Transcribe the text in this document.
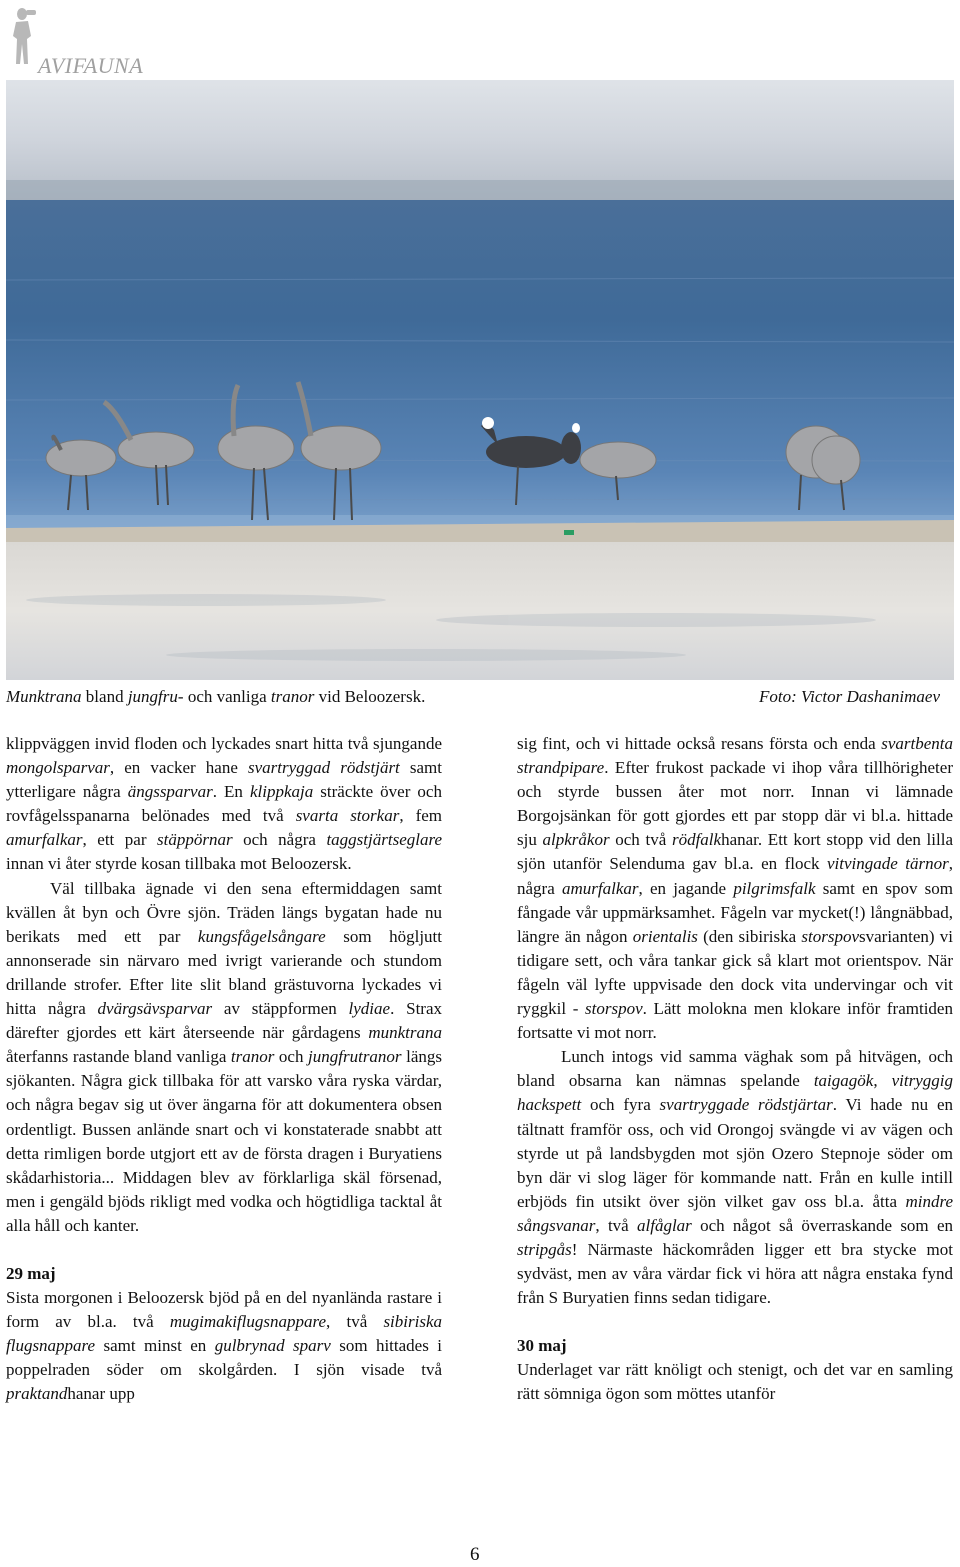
AVIFAUNA
Munktrana bland jungfru- och vanliga tranor vid Beloozersk.	Foto: Victor Dashanimaev

klippväggen invid floden och lyckades snart hitta två sjungande mongolsparvar, en vacker hane svartryggad rödstjärt samt ytterligare några ängssparvar. En klippkaja sträckte över och rovfågelsspanarna belönades med två svarta storkar, fem amurfalkar, ett par stäppörnar och några taggstjärtseglare innan vi åter styrde kosan tillbaka mot Beloozersk.

Väl tillbaka ägnade vi den sena eftermiddagen samt kvällen åt byn och Övre sjön. Träden längs bygatan hade nu berikats med ett par kungsfågelsångare som högljutt annonserade sin närvaro med ivrigt varierande och stundom drillande strofer. Efter lite slit bland grästuvorna lyckades vi hitta några dvärgsävsparvar av stäppformen lydiae. Strax därefter gjordes ett kärt återseende när gårdagens munktrana återfanns rastande bland vanliga tranor och jungfrutranor längs sjökanten. Några gick tillbaka för att varsko våra ryska värdar, och några begav sig ut över ängarna för att dokumentera obsen ordentligt. Bussen anlände snart och vi konstaterade snabbt att detta rimligen borde utgjort ett av de första dragen i Buryatiens skådarhistoria... Middagen blev av förklarliga skäl försenad, men i gengäld bjöds rikligt med vodka och högtidliga tacktal åt alla håll och kanter.

29 maj

Sista morgonen i Beloozersk bjöd på en del nyanlända rastare i form av bl.a. två mugimakiflugsnappare, två sibiriska flugsnappare samt minst en gulbrynad sparv som hittades i poppelraden söder om skolgården. I sjön visade två praktandhanar upp

sig fint, och vi hittade också resans första och enda svartbenta strandpipare. Efter frukost packade vi ihop våra tillhörigheter och styrde bussen åter mot norr. Innan vi lämnade Borgojsänkan för gott gjordes ett par stopp där vi bl.a. hittade sju alpkråkor och två rödfalkhanar. Ett kort stopp vid den lilla sjön utanför Selenduma gav bl.a. en flock vitvingade tärnor, några amurfalkar, en jagande pilgrimsfalk samt en spov som fångade vår uppmärksamhet. Fågeln var mycket(!) långnäbbad, längre än någon orientalis (den sibiriska storspovsvarianten) vi tidigare sett, och våra tankar gick så klart mot orientspov. När fågeln väl lyfte uppvisade den dock vita undervingar och vit ryggkil - storspov. Lätt molokna men klokare inför framtiden fortsatte vi mot norr.

Lunch intogs vid samma väghak som på hitvägen, och bland obsarna kan nämnas spelande taigagök, vitryggig hackspett och fyra svartryggade rödstjärtar. Vi hade nu en tältnatt framför oss, och vid Orongoj svängde vi av vägen och styrde ut på landsbygden mot sjön Ozero Stepnoje söder om byn där vi slog läger för kommande natt. Från en kulle intill erbjöds fin utsikt över sjön vilket gav oss bl.a. åtta mindre sångsvanar, två alfåglar och något så överraskande som en stripgås! Närmaste häckområden ligger ett bra stycke mot sydväst, men av våra värdar fick vi höra att några enstaka fynd från S Buryatien finns sedan tidigare.

30 maj

Underlaget var rätt knöligt och stenigt, och det var en samling rätt sömniga ögon som möttes utanför

6
